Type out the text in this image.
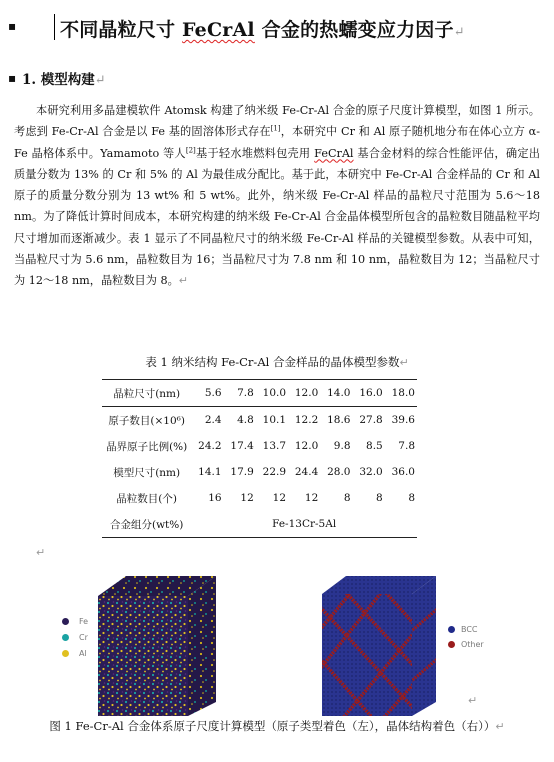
▪ 不同晶粒尺寸 FeCrAl 合金的热蠕变应力因子↵
▪ 1. 模型构建↵

本研究利用多晶建模软件 Atomsk 构建了纳米级 Fe-Cr-Al 合金的原子尺度计算模型，如图 1 所示。考虑到 Fe-Cr-Al 合金是以 Fe 基的固溶体形式存在[1]，本研究中 Cr 和 Al 原子随机地分布在体心立方 α-Fe 晶格体系中。Yamamoto 等人[2]基于轻水堆燃料包壳用 FeCrAl 基合金材料的综合性能评估，确定出质量分数为 13% 的 Cr 和 5% 的 Al 为最佳成分配比。基于此，本研究中 Fe-Cr-Al 合金样品的 Cr 和 Al 原子的质量分数分别为 13 wt% 和 5 wt%。此外，纳米级 Fe-Cr-Al 样品的晶粒尺寸范围为 5.6～18 nm。为了降低计算时间成本，本研究构建的纳米级 Fe-Cr-Al 合金晶体模型所包含的晶粒数目随晶粒平均尺寸增加而逐渐减少。表 1 显示了不同晶粒尺寸的纳米级 Fe-Cr-Al 样品的关键模型参数。从表中可知，当晶粒尺寸为 5.6 nm，晶粒数目为 16；当晶粒尺寸为 7.8 nm 和 10 nm，晶粒数目为 12；当晶粒尺寸为 12～18 nm，晶粒数目为 8。↵

表 1 纳米结构 Fe-Cr-Al 合金样品的晶体模型参数↵
晶粒尺寸(nm)	5.6	7.8	10.0	12.0	14.0	16.0	18.0
原子数目(×10⁶)	2.4	4.8	10.1	12.2	18.6	27.8	39.6
晶界原子比例(%)	24.2	17.4	13.7	12.0	9.8	8.5	7.8
模型尺寸(nm)	14.1	17.9	22.9	24.4	28.0	32.0	36.0
晶粒数目(个)	16	12	12	12	8	8	8
合金组分(wt%)	Fe-13Cr-5Al						
↵
Fe
Cr
Al
BCC
Other
↵
图 1 Fe-Cr-Al 合金体系原子尺度计算模型（原子类型着色（左），晶体结构着色（右））↵
